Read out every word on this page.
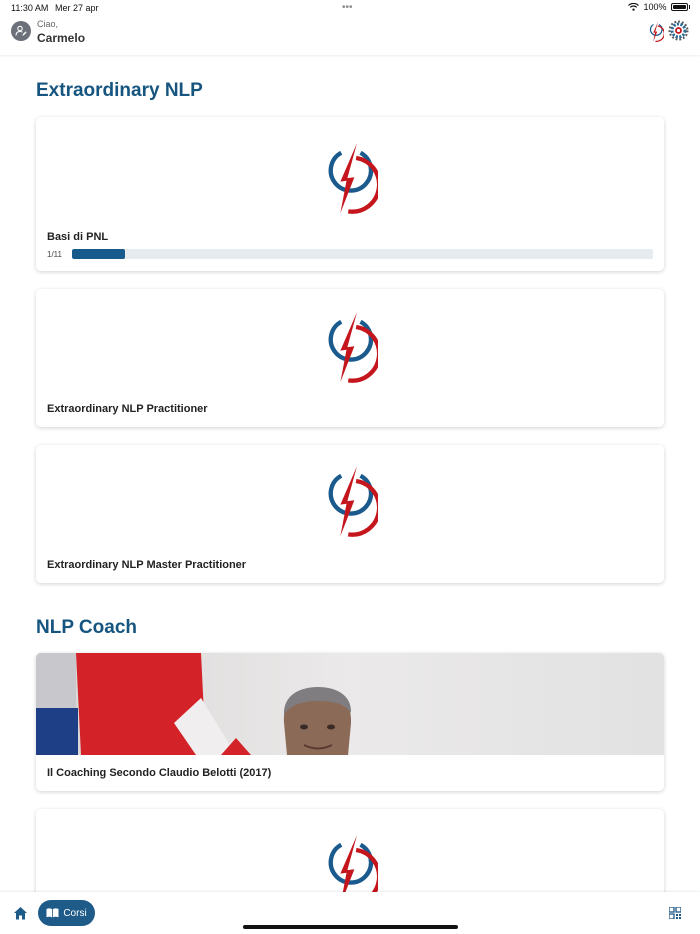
11:30 AM Mer 27 apr	•••	100%
Ciao,
Carmelo
Extraordinary NLP
Basi di PNL
1/11
Extraordinary NLP Practitioner
Extraordinary NLP Master Practitioner
NLP Coach
Il Coaching Secondo Claudio Belotti (2017)
Corsi
